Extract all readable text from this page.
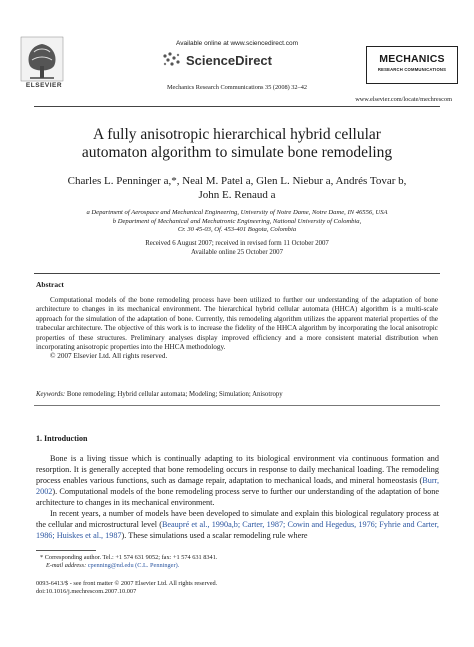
ELSEVIER
Available online at www.sciencedirect.com
ScienceDirect
Mechanics Research Communications 35 (2008) 32–42
MECHANICS
RESEARCH COMMUNICATIONS
www.elsevier.com/locate/mechrescom
A fully anisotropic hierarchical hybrid cellular
automaton algorithm to simulate bone remodeling
Charles L. Penninger a,*, Neal M. Patel a, Glen L. Niebur a, Andrés Tovar b,
John E. Renaud a
a Department of Aerospace and Mechanical Engineering, University of Notre Dame, Notre Dame, IN 46556, USA
b Department of Mechanical and Mechatronic Engineering, National University of Colombia,
Cr. 30 45-03, Of. 453-401 Bogota, Colombia
Received 6 August 2007; received in revised form 11 October 2007
Available online 25 October 2007
Abstract

Computational models of the bone remodeling process have been utilized to further our understanding of the adaptation of bone architecture to changes in its mechanical environment. The hierarchical hybrid cellular automata (HHCA) algorithm is a multi-scale approach for the simulation of the adaptation of bone. Currently, this remodeling algorithm utilizes the apparent material properties of the trabecular architecture. The objective of this work is to increase the fidelity of the HHCA algorithm by incorporating the local anisotropic properties of these structures. Preliminary analyses display improved efficiency and a more consistent material distribution when incorporating anisotropic properties into the HHCA methodology.

© 2007 Elsevier Ltd. All rights reserved.

Keywords: Bone remodeling; Hybrid cellular automata; Modeling; Simulation; Anisotropy
1. Introduction

Bone is a living tissue which is continually adapting to its biological environment via continuous formation and resorption. It is generally accepted that bone remodeling occurs in response to daily mechanical loading. The remodeling process enables various functions, such as damage repair, adaptation to mechanical loads, and mineral homeostasis (Burr, 2002). Computational models of the bone remodeling process serve to further our understanding of the adaptation of bone architecture to changes in its mechanical environment.

In recent years, a number of models have been developed to simulate and explain this biological regulatory process at the cellular and microstructural level (Beaupré et al., 1990a,b; Carter, 1987; Cowin and Hegedus, 1976; Fyhrie and Carter, 1986; Huiskes et al., 1987). These simulations used a scalar remodeling rule where

* Corresponding author. Tel.: +1 574 631 9052; fax: +1 574 631 8341.
E-mail address: cpenning@nd.edu (C.L. Penninger).
0093-6413/$ - see front matter © 2007 Elsevier Ltd. All rights reserved.
doi:10.1016/j.mechrescom.2007.10.007
